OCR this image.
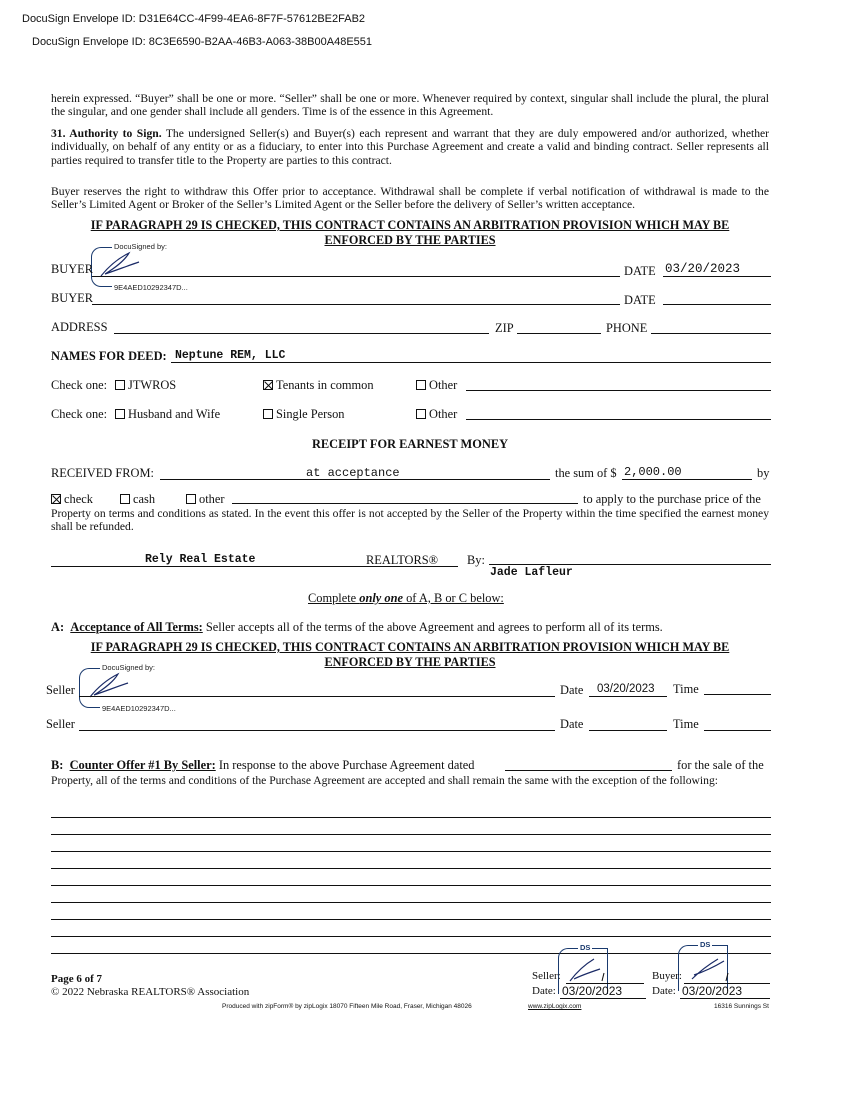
DocuSign Envelope ID: D31E64CC-4F99-4EA6-8F7F-57612BE2FAB2
DocuSign Envelope ID: 8C3E6590-B2AA-46B3-A063-38B00A48E551
herein expressed. “Buyer” shall be one or more. “Seller” shall be one or more. Whenever required by context, singular shall include the plural, the plural the singular, and one gender shall include all genders. Time is of the essence in this Agreement.
31. Authority to Sign. The undersigned Seller(s) and Buyer(s) each represent and warrant that they are duly empowered and/or authorized, whether individually, on behalf of any entity or as a fiduciary, to enter into this Purchase Agreement and create a valid and binding contract. Seller represents all parties required to transfer title to the Property are parties to this contract.
Buyer reserves the right to withdraw this Offer prior to acceptance. Withdrawal shall be complete if verbal notification of withdrawal is made to the Seller’s Limited Agent or Broker of the Seller’s Limited Agent or the Seller before the delivery of Seller’s written acceptance.
IF PARAGRAPH 29 IS CHECKED, THIS CONTRACT CONTAINS AN ARBITRATION PROVISION WHICH MAY BE
ENFORCED BY THE PARTIES
DocuSigned by:
9E4AED10292347D...
BUYER	DATE 03/20/2023
BUYER	DATE
ADDRESS	ZIP	PHONE
NAMES FOR DEED: Neptune REM, LLC
Check one:	JTWROS	Tenants in common	Other
Check one:	Husband and Wife	Single Person	Other
RECEIPT FOR EARNEST MONEY
RECEIVED FROM:	at acceptance	the sum of $ 2,000.00	by
check	cash	other	to apply to the purchase price of the
Property on terms and conditions as stated. In the event this offer is not accepted by the Seller of the Property within the time specified the earnest money shall be refunded.
Rely Real Estate	REALTORS® By:
Jade Lafleur
Complete only one of A, B or C below:
A: Acceptance of All Terms: Seller accepts all of the terms of the above Agreement and agrees to perform all of its terms.
IF PARAGRAPH 29 IS CHECKED, THIS CONTRACT CONTAINS AN ARBITRATION PROVISION WHICH MAY BE
ENFORCED BY THE PARTIES
DocuSigned by:
9E4AED10292347D...
Seller	Date 03/20/2023 Time
Seller	Date	Time
B: Counter Offer #1 By Seller: In response to the above Purchase Agreement dated	for the sale of the
Property, all of the terms and conditions of the Purchase Agreement are accepted and shall remain the same with the exception of the following:
DS	DS
Seller:
Date: 03/20/2023
Buyer:
Date: 03/20/2023
Page 6 of 7
© 2022 Nebraska REALTORS® Association
Produced with zipForm® by zipLogix 18070 Fifteen Mile Road, Fraser, Michigan 48026	www.zipLogix.com	16316 Sunnings St
